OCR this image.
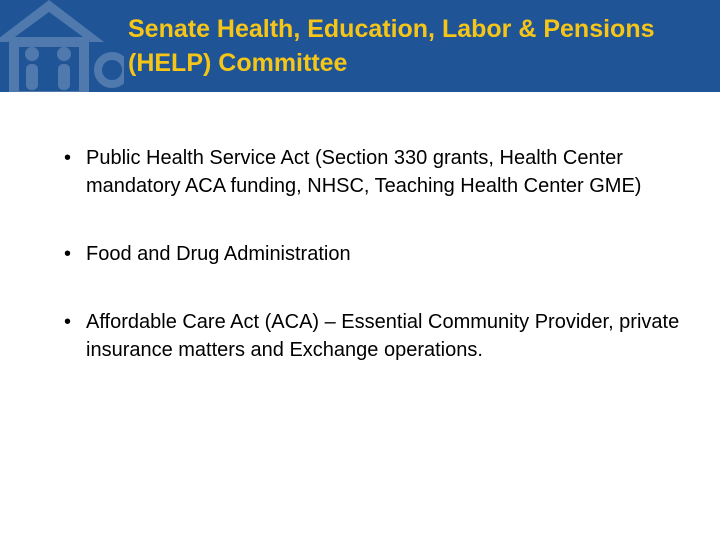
Senate Health, Education, Labor & Pensions (HELP) Committee
• Public Health Service Act (Section 330 grants, Health Center mandatory ACA funding, NHSC, Teaching Health Center GME)
• Food and Drug Administration
• Affordable Care Act (ACA) – Essential Community Provider, private insurance matters and Exchange operations.
